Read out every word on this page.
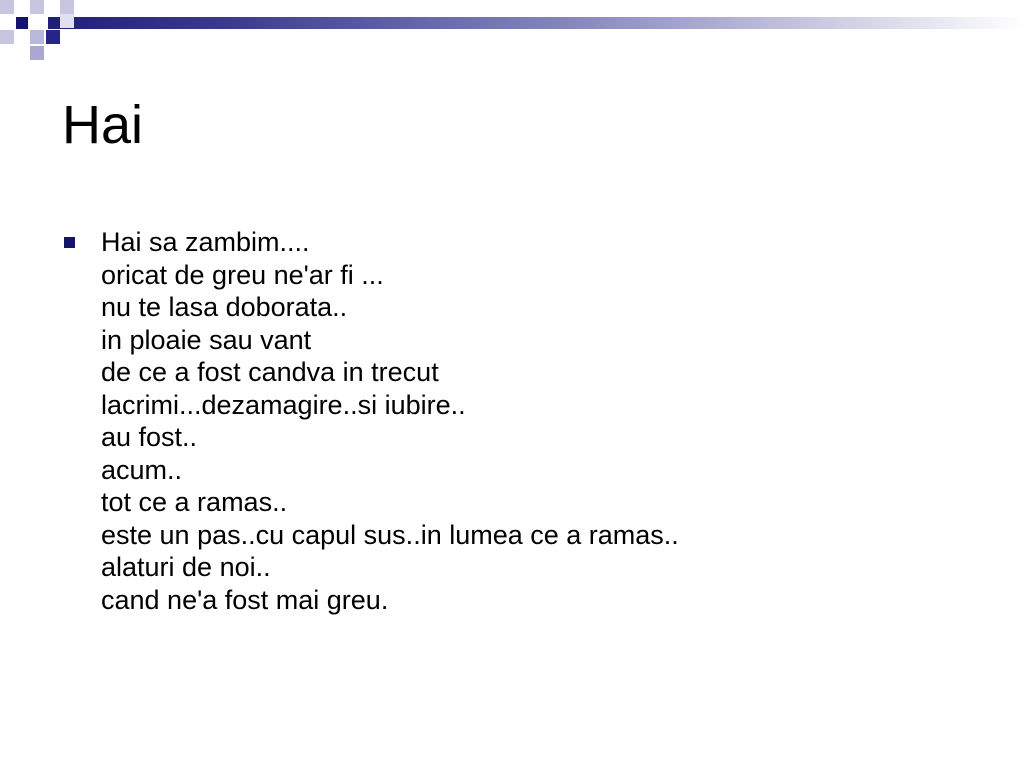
Hai
Hai sa zambim....
oricat de greu ne'ar fi ...
nu te lasa doborata..
in ploaie sau vant
de ce a fost candva in trecut
lacrimi...dezamagire..si iubire..
au fost..
acum..
tot ce a ramas..
este un pas..cu capul sus..in lumea ce a ramas..
alaturi de noi..
cand ne'a fost mai greu.
